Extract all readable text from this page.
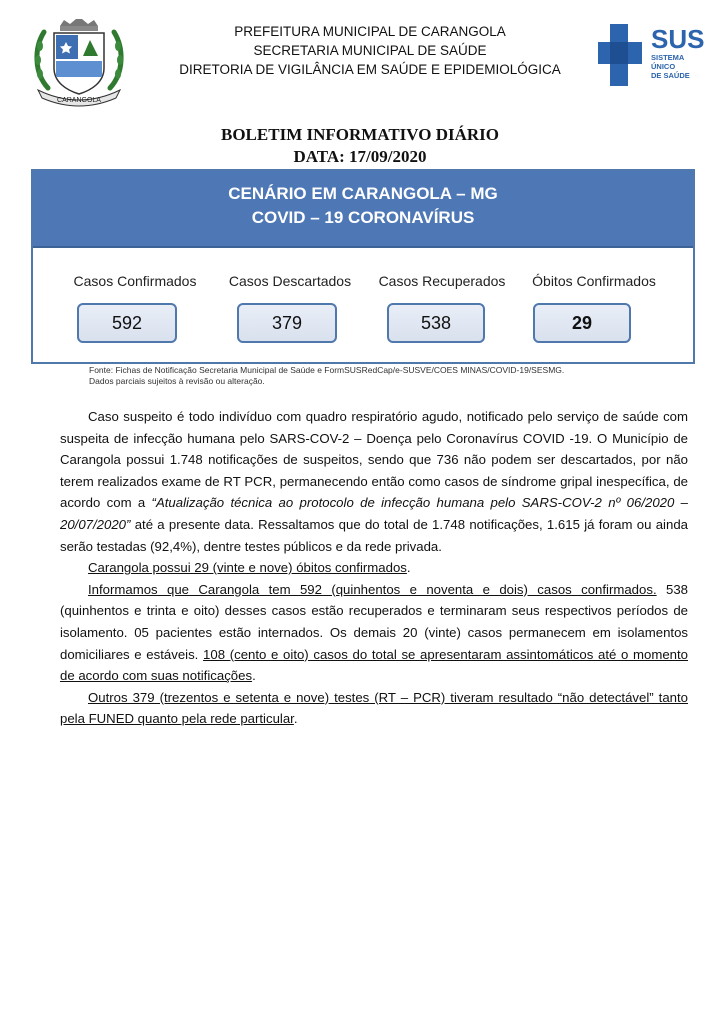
CARANGOLA
PREFEITURA MUNICIPAL DE CARANGOLA
SECRETARIA MUNICIPAL DE SAÚDE
DIRETORIA DE VIGILÂNCIA EM SAÚDE E EPIDEMIOLÓGICA
SUS
SISTEMA
ÚNICO
DE SAÚDE
BOLETIM INFORMATIVO DIÁRIO
DATA: 17/09/2020
CENÁRIO EM CARANGOLA – MG
COVID – 19 CORONAVÍRUS
Casos Confirmados
592
Casos Descartados
379
Casos Recuperados
538
Óbitos Confirmados
29
Fonte: Fichas de Notificação Secretaria Municipal de Saúde e FormSUSRedCap/e-SUSVE/COES MINAS/COVID-19/SESMG.
Dados parciais sujeitos à revisão ou alteração.

Caso suspeito é todo indivíduo com quadro respiratório agudo, notificado pelo serviço de saúde com suspeita de infecção humana pelo SARS-COV-2 – Doença pelo Coronavírus COVID -19. O Município de Carangola possui 1.748 notificações de suspeitos, sendo que 736 não podem ser descartados, por não terem realizados exame de RT PCR, permanecendo então como casos de síndrome gripal inespecífica, de acordo com a “Atualização técnica ao protocolo de infecção humana pelo SARS-COV-2 nº 06/2020 – 20/07/2020” até a presente data. Ressaltamos que do total de 1.748 notificações, 1.615 já foram ou ainda serão testadas (92,4%), dentre testes públicos e da rede privada.

Carangola possui 29 (vinte e nove) óbitos confirmados.

Informamos que Carangola tem 592 (quinhentos e noventa e dois) casos confirmados. 538 (quinhentos e trinta e oito) desses casos estão recuperados e terminaram seus respectivos períodos de isolamento. 05 pacientes estão internados. Os demais 20 (vinte) casos permanecem em isolamentos domiciliares e estáveis. 108 (cento e oito) casos do total se apresentaram assintomáticos até o momento de acordo com suas notificações.

Outros 379 (trezentos e setenta e nove) testes (RT – PCR) tiveram resultado “não detectável” tanto pela FUNED quanto pela rede particular.
